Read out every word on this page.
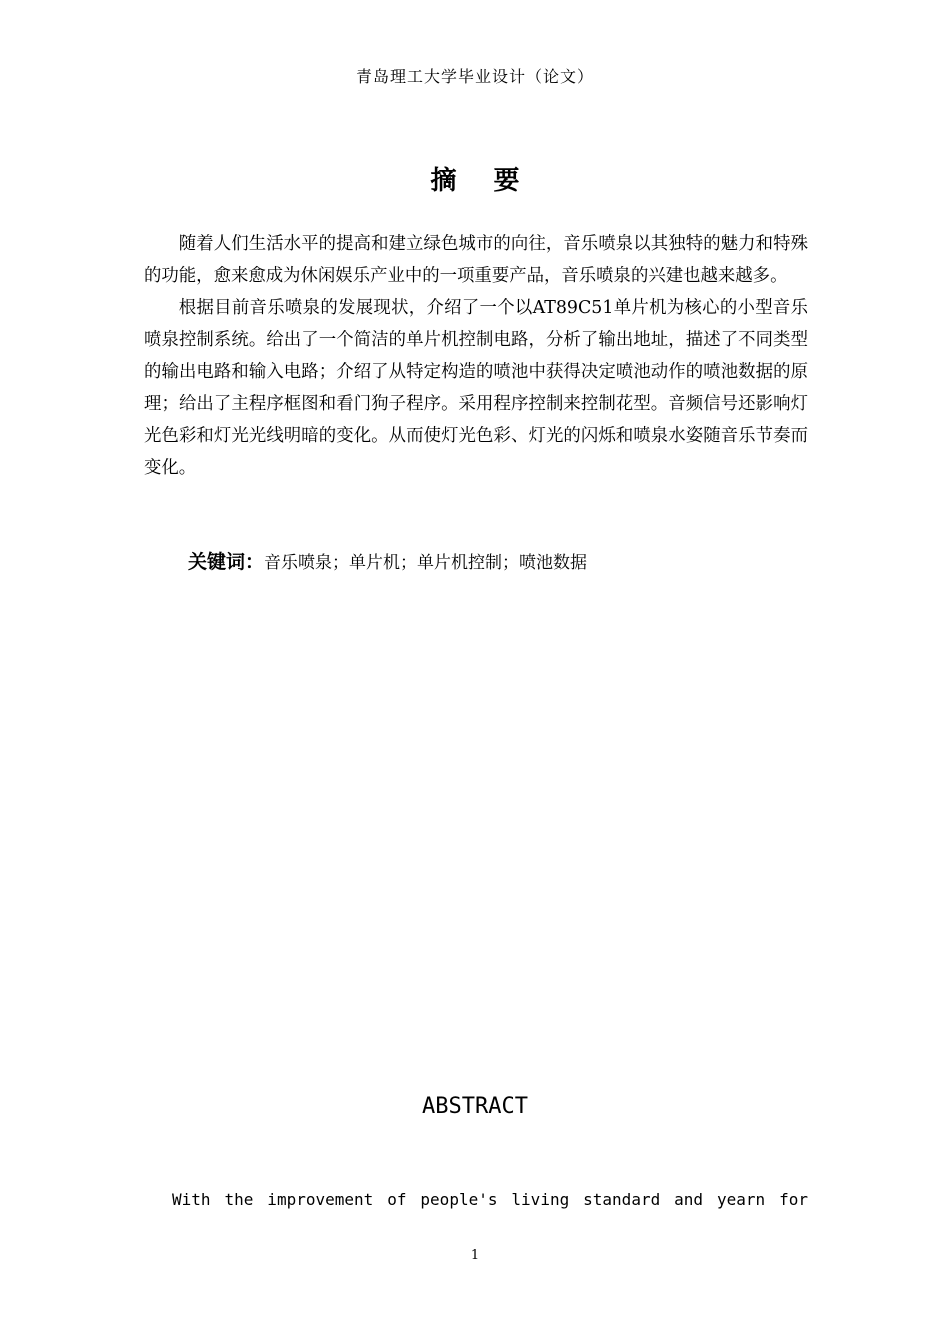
青岛理工大学毕业设计（论文）
摘 要

随着人们生活水平的提高和建立绿色城市的向往，音乐喷泉以其独特的魅力和特殊的功能，愈来愈成为休闲娱乐产业中的一项重要产品，音乐喷泉的兴建也越来越多。

根据目前音乐喷泉的发展现状，介绍了一个以AT89C51单片机为核心的小型音乐喷泉控制系统。给出了一个简洁的单片机控制电路，分析了输出地址，描述了不同类型的输出电路和输入电路；介绍了从特定构造的喷池中获得决定喷池动作的喷池数据的原理；给出了主程序框图和看门狗子程序。采用程序控制来控制花型。音频信号还影响灯光色彩和灯光光线明暗的变化。从而使灯光色彩、灯光的闪烁和喷泉水姿随音乐节奏而变化。

关键词：音乐喷泉；单片机；单片机控制；喷池数据
ABSTRACT
With the improvement of people's living standard and yearn for
1
